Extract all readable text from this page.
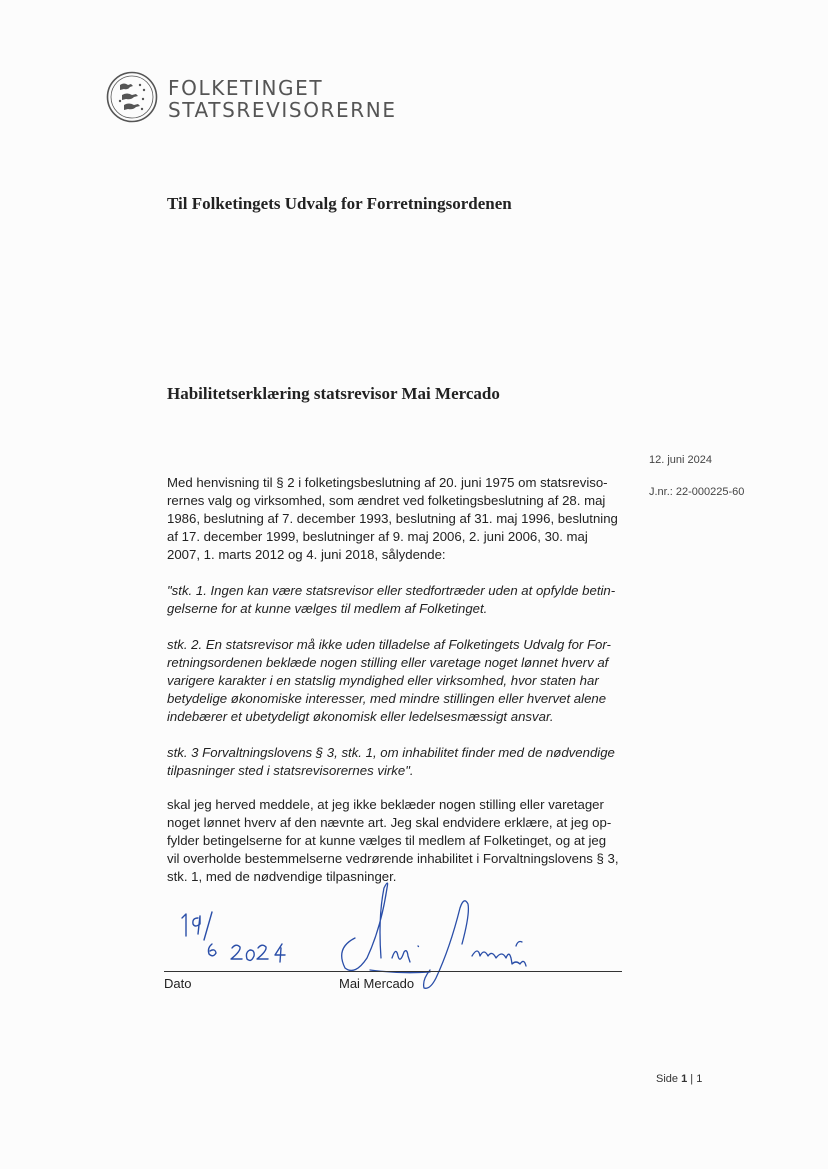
FOLKETINGET
STATSREVISORERNE
Til Folketingets Udvalg for Forretningsordenen
Habilitetserklæring statsrevisor Mai Mercado
12. juni 2024
J.nr.: 22-000225-60
Med henvisning til § 2 i folketingsbeslutning af 20. juni 1975 om statsreviso-
rernes valg og virksomhed, som ændret ved folketingsbeslutning af 28. maj
1986, beslutning af 7. december 1993, beslutning af 31. maj 1996, beslutning
af 17. december 1999, beslutninger af 9. maj 2006, 2. juni 2006, 30. maj
2007, 1. marts 2012 og 4. juni 2018, sålydende:
"stk. 1. Ingen kan være statsrevisor eller stedfortræder uden at opfylde betin-
gelserne for at kunne vælges til medlem af Folketinget.
stk. 2. En statsrevisor må ikke uden tilladelse af Folketingets Udvalg for For-
retningsordenen beklæde nogen stilling eller varetage noget lønnet hverv af
varigere karakter i en statslig myndighed eller virksomhed, hvor staten har
betydelige økonomiske interesser, med mindre stillingen eller hvervet alene
indebærer et ubetydeligt økonomisk eller ledelsesmæssigt ansvar.
stk. 3 Forvaltningslovens § 3, stk. 1, om inhabilitet finder med de nødvendige
tilpasninger sted i statsrevisorernes virke".
skal jeg herved meddele, at jeg ikke beklæder nogen stilling eller varetager
noget lønnet hverv af den nævnte art. Jeg skal endvidere erklære, at jeg op-
fylder betingelserne for at kunne vælges til medlem af Folketinget, og at jeg
vil overholde bestemmelserne vedrørende inhabilitet i Forvaltningslovens § 3,
stk. 1, med de nødvendige tilpasninger.
Dato	Mai Mercado
Side 1 | 1
